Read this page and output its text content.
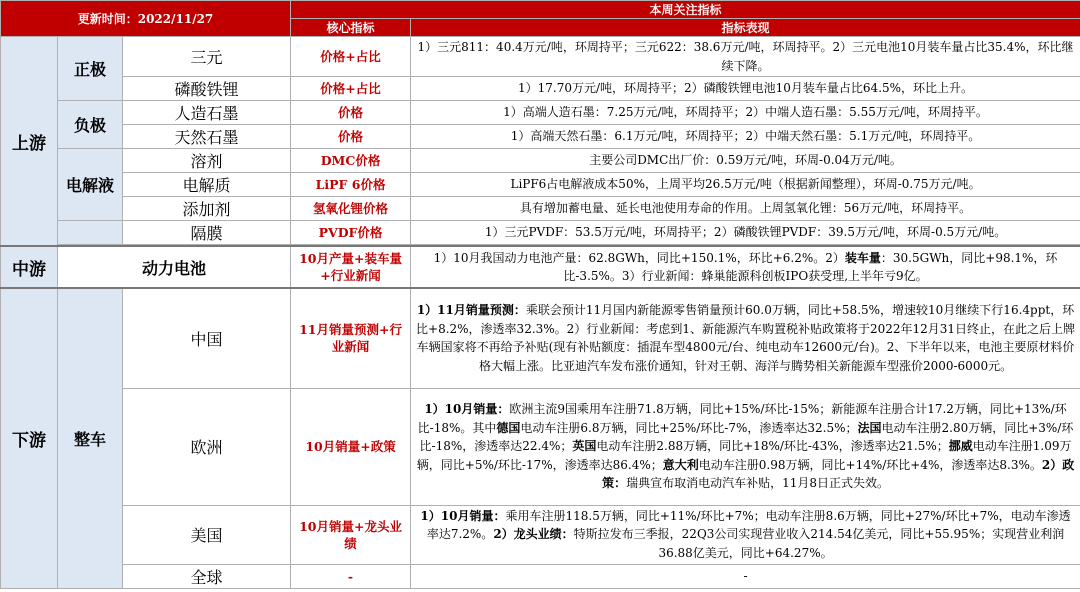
更新时间：2022/11/27			本周关注指标	
			核心指标	指标表现
上游	正极	三元	价格+占比	1）三元811：40.4万元/吨，环周持平；三元622：38.6万元/吨，环周持平。2）三元电池10月装车量占比35.4%，环比继续下降。
		磷酸铁锂	价格+占比	1）17.70万元/吨，环周持平；2）磷酸铁锂电池10月装车量占比64.5%，环比上升。
	负极	人造石墨	价格	1）高端人造石墨：7.25万元/吨，环周持平；2）中端人造石墨：5.55万元/吨，环周持平。
		天然石墨	价格	1）高端天然石墨：6.1万元/吨，环周持平；2）中端天然石墨：5.1万元/吨，环周持平。
	电解液	溶剂	DMC价格	主要公司DMC出厂价：0.59万元/吨，环周-0.04万元/吨。
		电解质	LiPF 6价格	LiPF6占电解液成本50%，上周平均26.5万元/吨（根据新闻整理），环周-0.75万元/吨。
		添加剂	氢氧化锂价格	具有增加蓄电量、延长电池使用寿命的作用。上周氢氧化锂：56万元/吨，环周持平。
		隔膜	PVDF价格	1）三元PVDF：53.5万元/吨，环周持平；2）磷酸铁锂PVDF：39.5万元/吨，环周-0.5万元/吨。

中游	动力电池		10月产量+装车量+行业新闻	1）10月我国动力电池产量：62.8GWh，同比+150.1%，环比+6.2%。2）装车量：30.5GWh，同比+98.1%，环比-3.5%。3）行业新闻：蜂巢能源科创板IPO获受理,上半年亏9亿。
下游	整车	中国	11月销量预测+行业新闻	1）11月销量预测：乘联会预计11月国内新能源零售销量预计60.0万辆，同比+58.5%，增速较10月继续下行16.4ppt，环比+8.2%，渗透率32.3%。2）行业新闻：考虑到1、新能源汽车购置税补贴政策将于2022年12月31日终止，在此之后上牌车辆国家将不再给予补贴(现有补贴额度：插混车型4800元/台、纯电动车12600元/台)。2、下半年以来，电池主要原材料价格大幅上涨。比亚迪汽车发布涨价通知，针对王朝、海洋与腾势相关新能源车型涨价2000-6000元。
		欧洲	10月销量+政策	1）10月销量：欧洲主流9国乘用车注册71.8万辆，同比+15%/环比-15%；新能源车注册合计17.2万辆，同比+13%/环比-18%。其中德国电动车注册6.8万辆，同比+25%/环比-7%，渗透率达32.5%；法国电动车注册2.80万辆，同比+3%/环比-18%，渗透率达22.4%；英国电动车注册2.88万辆，同比+18%/环比-43%，渗透率达21.5%；挪威电动车注册1.09万辆，同比+5%/环比-17%，渗透率达86.4%；意大利电动车注册0.98万辆，同比+14%/环比+4%，渗透率达8.3%。2）政策：瑞典宣布取消电动汽车补贴，11月8日正式失效。
		美国	10月销量+龙头业绩	1）10月销量：乘用车注册118.5万辆，同比+11%/环比+7%；电动车注册8.6万辆，同比+27%/环比+7%，电动车渗透率达7.2%。2）龙头业绩：特斯拉发布三季报，22Q3公司实现营业收入214.54亿美元，同比+55.95%；实现营业利润36.88亿美元，同比+64.27%。
		全球	-	-
